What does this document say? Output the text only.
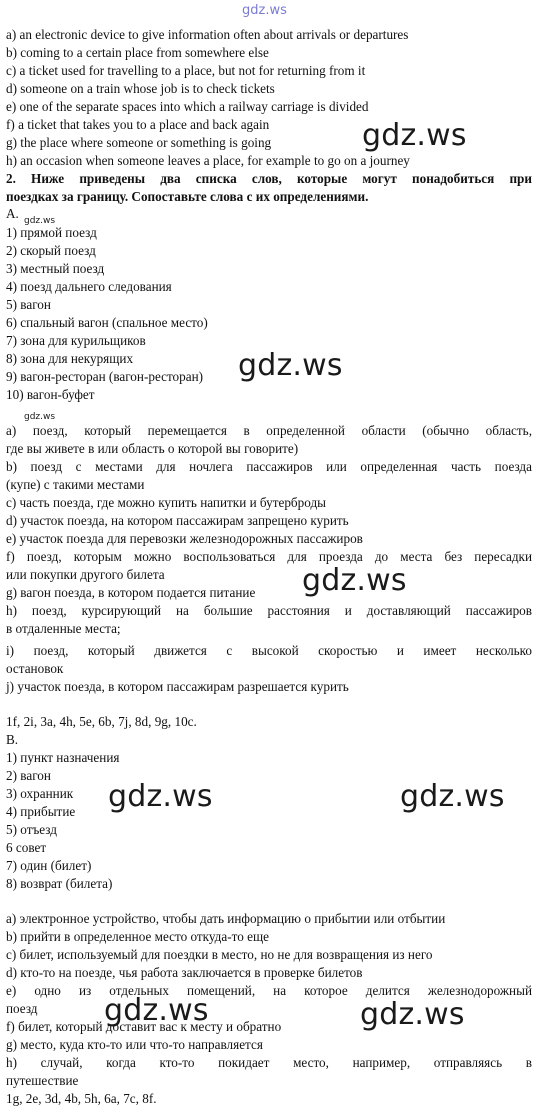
gdz.ws
a) an electronic device to give information often about arrivals or departures
b) coming to a certain place from somewhere else
c) a ticket used for travelling to a place, but not for returning from it
d) someone on a train whose job is to check tickets
e) one of the separate spaces into which a railway carriage is divided
f) a ticket that takes you to a place and back again
g) the place where someone or something is going
h) an occasion when someone leaves a place, for example to go on a journey
2. Ниже приведены два списка слов, которые могут понадобиться при
поездках за границу. Сопоставьте слова с их определениями.
A. gdz.ws
1) прямой поезд
2) скорый поезд
3) местный поезд
4) поезд дальнего следования
5) вагон
6) спальный вагон (спальное место)
7) зона для курильщиков
8) зона для некурящих
9) вагон-ресторан (вагон-ресторан)
10) вагон-буфет
gdz.ws
a) поезд, который перемещается в определенной области (обычно область,
где вы живете в или область о которой вы говорите)
b) поезд с местами для ночлега пассажиров или определенная часть поезда
(купе) с такими местами
c) часть поезда, где можно купить напитки и бутерброды
d) участок поезда, на котором пассажирам запрещено курить
e) участок поезда для перевозки железнодорожных пассажиров
f) поезд, которым можно воспользоваться для проезда до места без пересадки
или покупки другого билета
g) вагон поезда, в котором подается питание
h) поезд, курсирующий на большие расстояния и доставляющий пассажиров
в отдаленные места;
i) поезд, который движется с высокой скоростью и имеет несколько
остановок
j) участок поезда, в котором пассажирам разрешается курить
1f, 2i, 3a, 4h, 5e, 6b, 7j, 8d, 9g, 10c.
B.
1) пункт назначения
2) вагон
3) охранник
4) прибытие
5) отъезд
6 совет
7) один (билет)
8) возврат (билета)
a) электронное устройство, чтобы дать информацию о прибытии или отбытии
b) прийти в определенное место откуда-то еще
c) билет, используемый для поездки в место, но не для возвращения из него
d) кто-то на поезде, чья работа заключается в проверке билетов
e) одно из отдельных помещений, на которое делится железнодорожный
поезд
f) билет, который доставит вас к месту и обратно
g) место, куда кто-то или что-то направляется
h) случай, когда кто-то покидает место, например, отправляясь в
путешествие
1g, 2e, 3d, 4b, 5h, 6a, 7c, 8f.
gdz.ws
gdz.ws
gdz.ws
gdz.ws	gdz.ws
gdz.ws	gdz.ws
